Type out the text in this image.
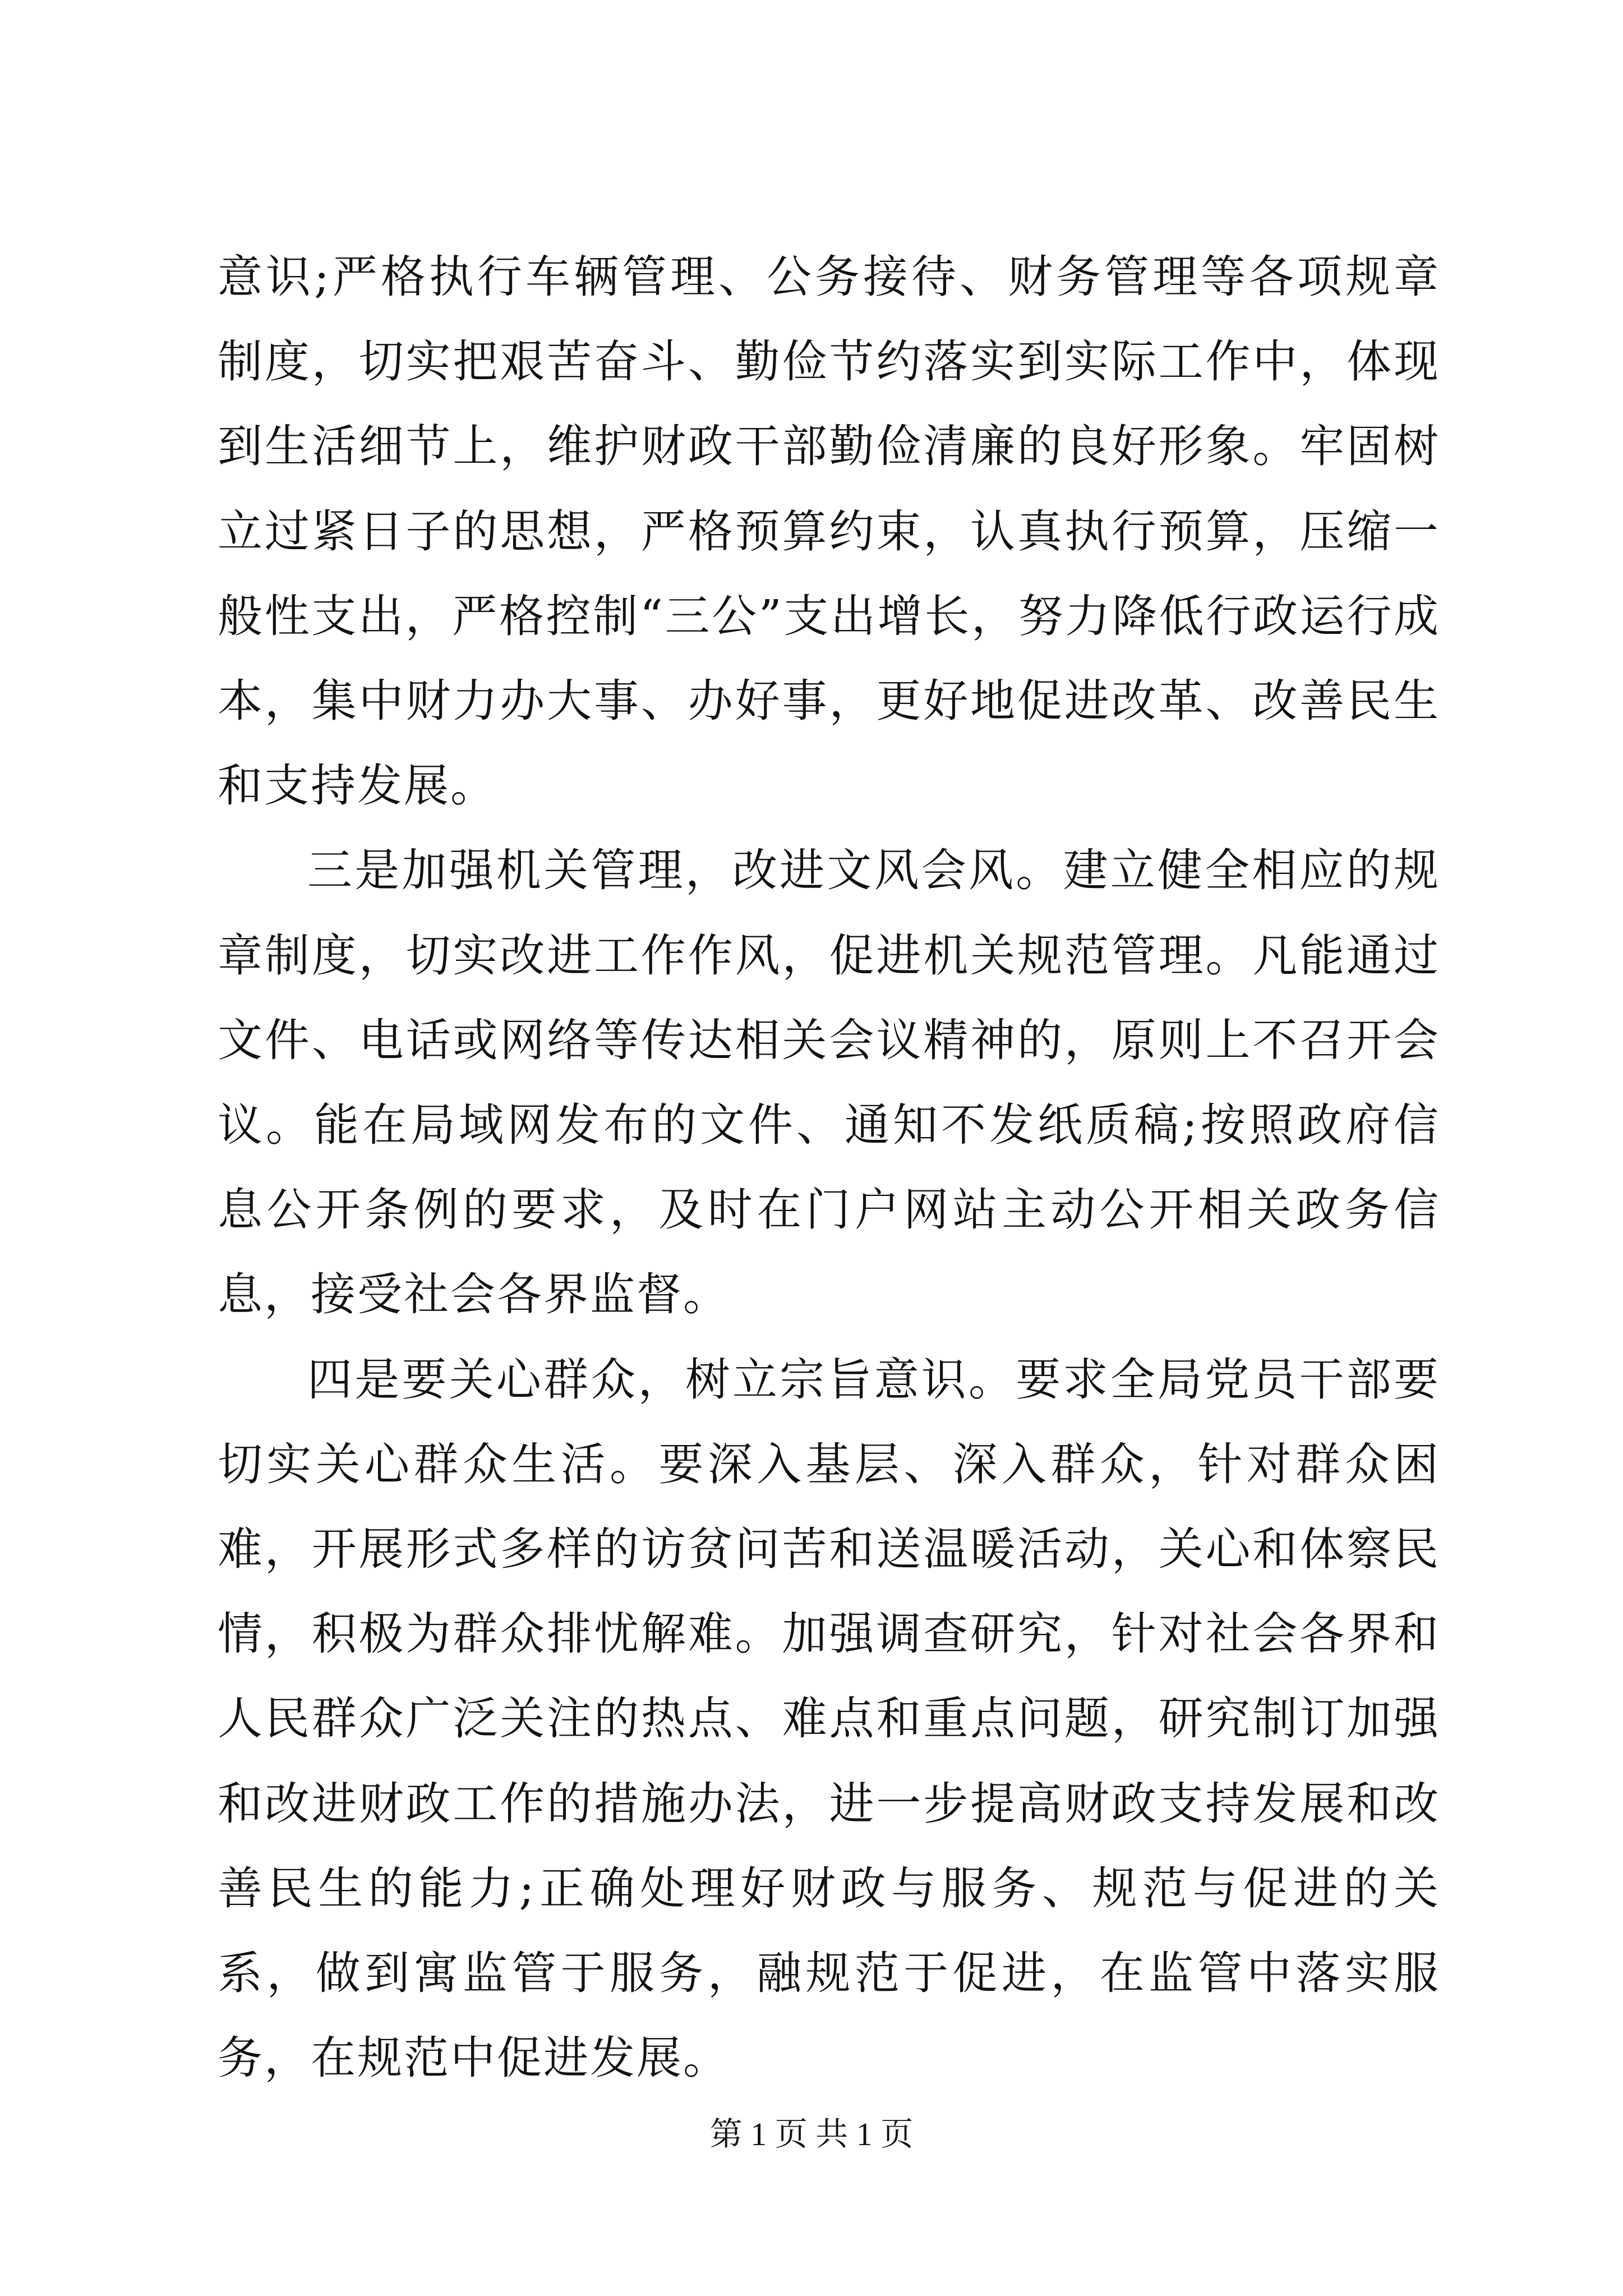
意识;严格执行车辆管理、公务接待、财务管理等各项规章制度，切实把艰苦奋斗、勤俭节约落实到实际工作中，体现到生活细节上，维护财政干部勤俭清廉的良好形象。牢固树立过紧日子的思想，严格预算约束，认真执行预算，压缩一般性支出，严格控制“三公”支出增长，努力降低行政运行成本，集中财力办大事、办好事，更好地促进改革、改善民生和支持发展。

三是加强机关管理，改进文风会风。建立健全相应的规章制度，切实改进工作作风，促进机关规范管理。凡能通过文件、电话或网络等传达相关会议精神的，原则上不召开会议。能在局域网发布的文件、通知不发纸质稿;按照政府信息公开条例的要求，及时在门户网站主动公开相关政务信息，接受社会各界监督。

四是要关心群众，树立宗旨意识。要求全局党员干部要切实关心群众生活。要深入基层、深入群众，针对群众困难，开展形式多样的访贫问苦和送温暖活动，关心和体察民情，积极为群众排忧解难。加强调查研究，针对社会各界和人民群众广泛关注的热点、难点和重点问题，研究制订加强和改进财政工作的措施办法，进一步提高财政支持发展和改善民生的能力;正确处理好财政与服务、规范与促进的关系，做到寓监管于服务，融规范于促进，在监管中落实服务，在规范中促进发展。

第 1 页 共 1 页
